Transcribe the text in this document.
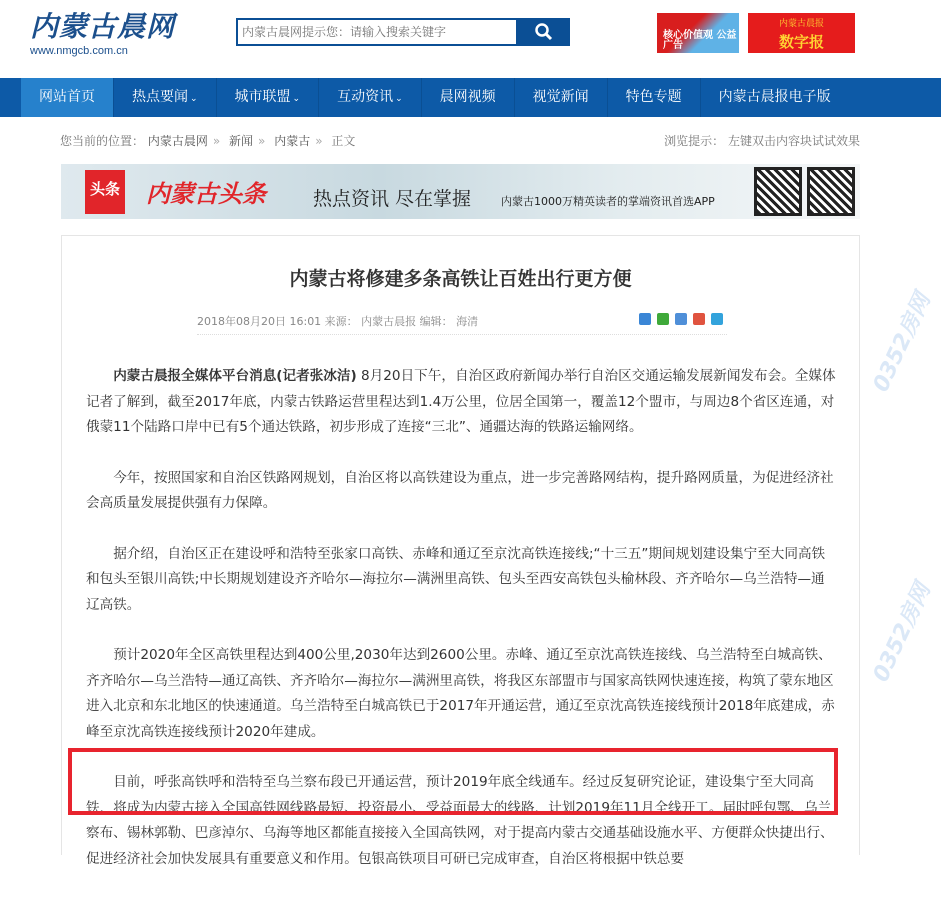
内蒙古晨网
www.nmgcb.com.cn
内蒙古晨网提示您：请输入搜索关键字
核心价值观 公益广告
内蒙古晨报
数字报
网站首页	热点要闻 ⌄	城市联盟 ⌄	互动资讯 ⌄	晨网视频	视觉新闻	特色专题	内蒙古晨报电子版
您当前的位置： 内蒙古晨网 » 新闻 » 内蒙古 » 正文	浏览提示： 左键双击内容块试试效果
头条 内蒙古头条 热点资讯 尽在掌握	内蒙古1000万精英读者的掌端资讯首选APP
内蒙古将修建多条高铁让百姓出行更方便
2018年08月20日 16:01 来源： 内蒙古晨报 编辑： 海清

内蒙古晨报全媒体平台消息(记者张冰洁) 8月20日下午，自治区政府新闻办举行自治区交通运输发展新闻发布会。全媒体记者了解到，截至2017年底，内蒙古铁路运营里程达到1.4万公里，位居全国第一，覆盖12个盟市，与周边8个省区连通，对俄蒙11个陆路口岸中已有5个通达铁路，初步形成了连接“三北”、通疆达海的铁路运输网络。

今年，按照国家和自治区铁路网规划，自治区将以高铁建设为重点，进一步完善路网结构，提升路网质量，为促进经济社会高质量发展提供强有力保障。

据介绍，自治区正在建设呼和浩特至张家口高铁、赤峰和通辽至京沈高铁连接线;“十三五”期间规划建设集宁至大同高铁和包头至银川高铁;中长期规划建设齐齐哈尔—海拉尔—满洲里高铁、包头至西安高铁包头榆林段、齐齐哈尔—乌兰浩特—通辽高铁。

预计2020年全区高铁里程达到400公里,2030年达到2600公里。赤峰、通辽至京沈高铁连接线、乌兰浩特至白城高铁、齐齐哈尔—乌兰浩特—通辽高铁、齐齐哈尔—海拉尔—满洲里高铁，将我区东部盟市与国家高铁网快速连接，构筑了蒙东地区进入北京和东北地区的快速通道。乌兰浩特至白城高铁已于2017年开通运营，通辽至京沈高铁连接线预计2018年底建成，赤峰至京沈高铁连接线预计2020年建成。

目前，呼张高铁呼和浩特至乌兰察布段已开通运营，预计2019年底全线通车。经过反复研究论证，建设集宁至大同高铁，将成为内蒙古接入全国高铁网线路最短、投资最小、受益面最大的线路，计划2019年11月全线开工。届时呼包鄂、乌兰察布、锡林郭勒、巴彦淖尔、乌海等地区都能直接接入全国高铁网，对于提高内蒙古交通基础设施水平、方便群众快捷出行、促进经济社会加快发展具有重要意义和作用。包银高铁项目可研已完成审查，自治区将根据中铁总要

0352房网
0352房网
